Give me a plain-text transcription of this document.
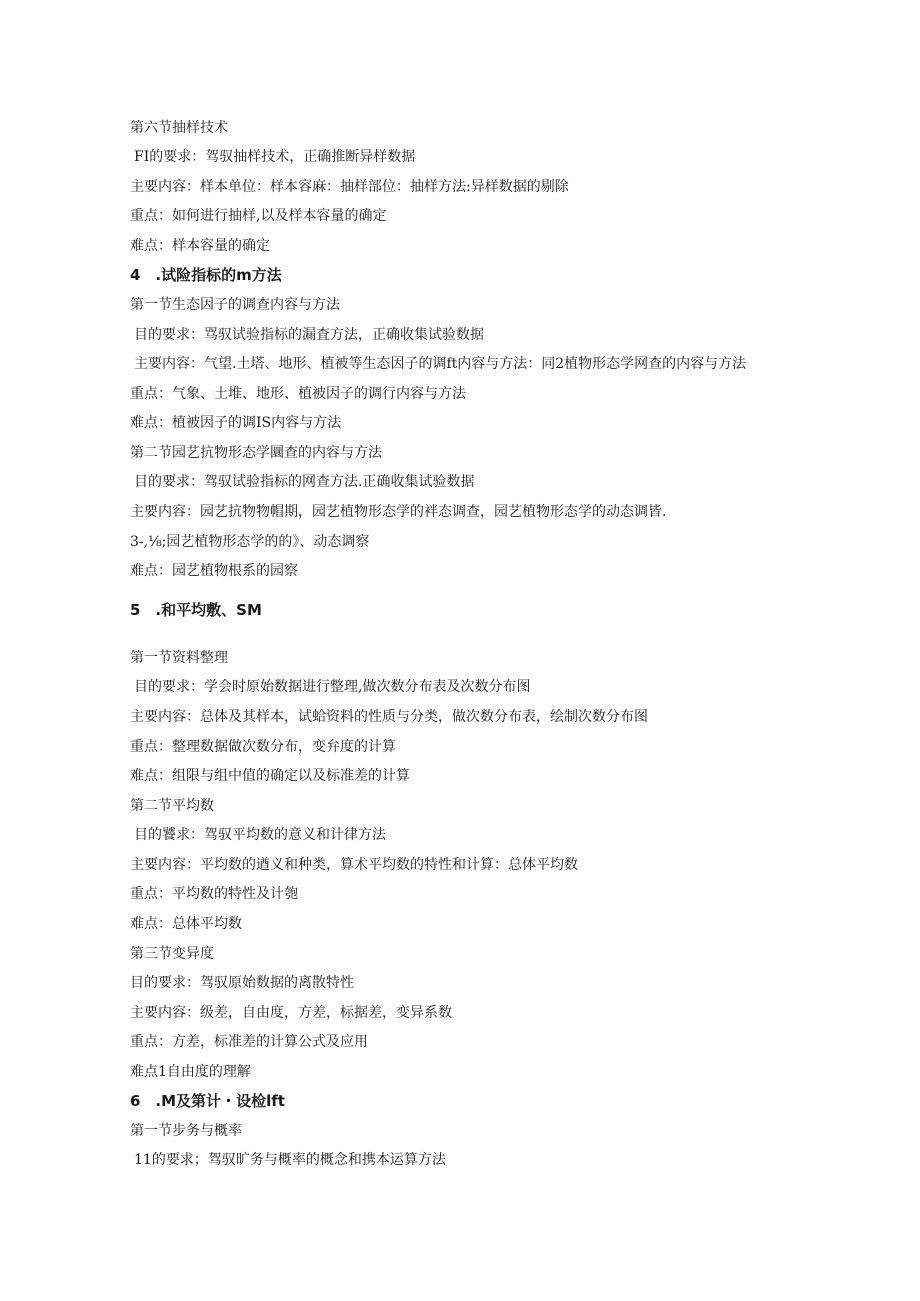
第六节抽样技术
FI的要求：驾驭抽样技术，正确推断异样数据
主要内容：样本单位：样本容麻：抽样部位：抽样方法:异样数据的剔除
重点：如何进行抽样,以及样本容量的确定
难点：样本容量的确定
4　.试险指标的m方法
第一节生态因子的调查内容与方法
目的要求：骂驭试验指标的漏査方法，正确收集试验数据
主要内容：气望.土塔、地形、植被等生态因子的调ft内容与方法：同2植物形态学网查的内容与方法
重点：气象、土堆、地形、植被因子的调行内容与方法
难点：植被因子的调IS内容与方法
第二节园艺抗物形态学圜查的内容与方法
目的要求：驾驭试验指标的网查方法.正确收集试验数据
主要内容：园艺抗物物帽期，园艺植物形态学的袢态调查，园艺植物形态学的动态调皆.
3-,⅛;园艺植物形态学的的》、动态调察
难点：园艺植物根系的园察
5　.和平均敷、SM
第一节资料整理
目的要求：学会时原始数据进行整理,做次数分布表及次数分布图
主要内容：总体及其样本，试蛤资料的性质与分类，做次数分布表，绘制次数分布图
重点：整理数据做次数分布，变弁度的计算
难点：组限与组中值的确定以及标准差的计算
第二节平均数
目的饕求：驾驭平均数的意义和计律方法
主要内容：平均数的遒义和种类，算术平均数的特性和计算：总体平均数
重点：平均数的特性及计匏
难点：总体平均数
第三节变异度
目的要求：驾驭原始数据的离散特性
主要内容：级差，自由度，方差，标据差，变异系数
重点：方差，标准差的计算公式及应用
难点1自由度的理解
6　.M及第计・设检lft
第一节步务与概率
11的要求；驾驭旷务与概率的概念和携本运算方法
